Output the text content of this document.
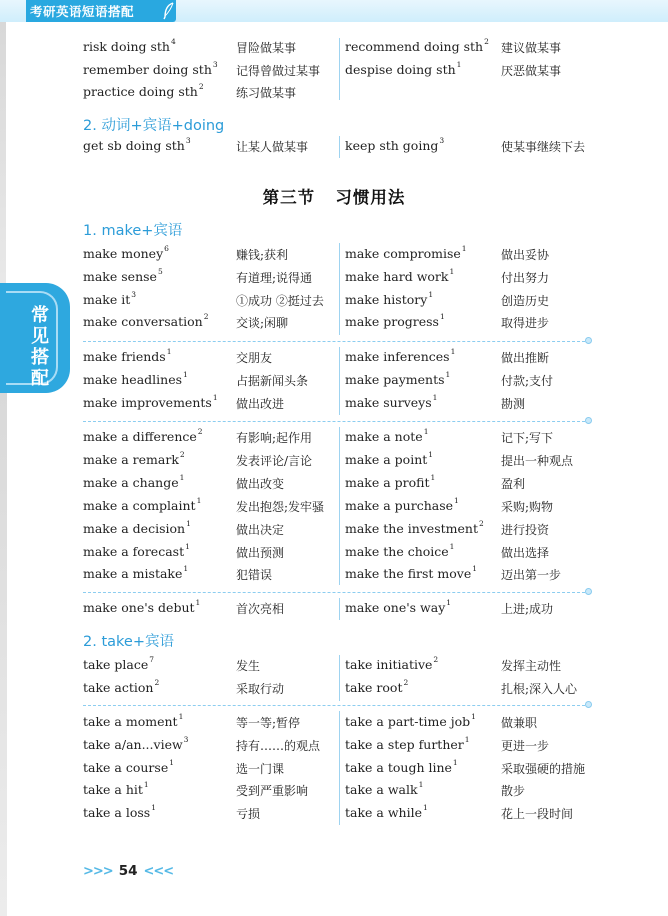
考研英语短语搭配
常见搭配
2. 动词+宾语+doing
第三节   习惯用法
1. make+宾语
2. take+宾语
risk doing sth$^4$	冒险做某事	recommend doing sth$^2$ 建议做某事
remember doing sth$^3$ 记得曾做过某事 despise doing sth$^1$	厌恶做某事
practice doing sth$^2$	练习做某事
get sb doing sth$^3$	让某人做某事	keep sth going$^3$	使某事继续下去
make money$^6$	赚钱;获利	make compromise$^1$	做出妥协
make sense$^5$	有道理;说得通	make hard work$^1$	付出努力
make $it^3$	①成功 ②挺过去 make history$^1$	创造历史
make conversation$^2$ 交谈;闲聊	make progress$^1$	取得进步
make friends$^1$	交朋友	make inferences$^1$	做出推断
make headlines$^1$	占据新闻头条	make payments$^1$	付款;支付
make improvements$^1$ 做出改进	make surveys$^1$	勘测
make a difference$^2$	有影响;起作用	make a note$^1$	记下;写下
make a remark$^2$	发表评论/言论	make a point$^1$	提出一种观点
make a change$^1$	做出改变	make a profit$^1$	盈利
make a complaint$^1$	发出抱怨;发牢骚 make a purchase$^1$	采购;购物
make a decision$^1$	做出决定	make the investment$^2$ 进行投资
make a forecast$^1$	做出预测	make the choice$^1$	做出选择
make a mistake$^1$	犯错误	make the first move$^1$ 迈出第一步
make one's debut$^1$	首次亮相	make one's way$^1$	上进;成功
take place$^7$	发生	take initiative$^2$	发挥主动性
take action$^2$	采取行动	take root$^2$	扎根;深入人心
take a moment$^1$	等一等;暂停	take a part-time job$^1$ 做兼职
take a/an...view$^3$	持有……的观点 take a step further$^1$	更进一步
take a course$^1$	选一门课	take a tough line$^1$	采取强硬的措施
take a hit$^1$	受到严重影响	take a walk$^1$	散步
take a loss$^1$	亏损	take a while$^1$	花上一段时间
>>> 54 <<<
